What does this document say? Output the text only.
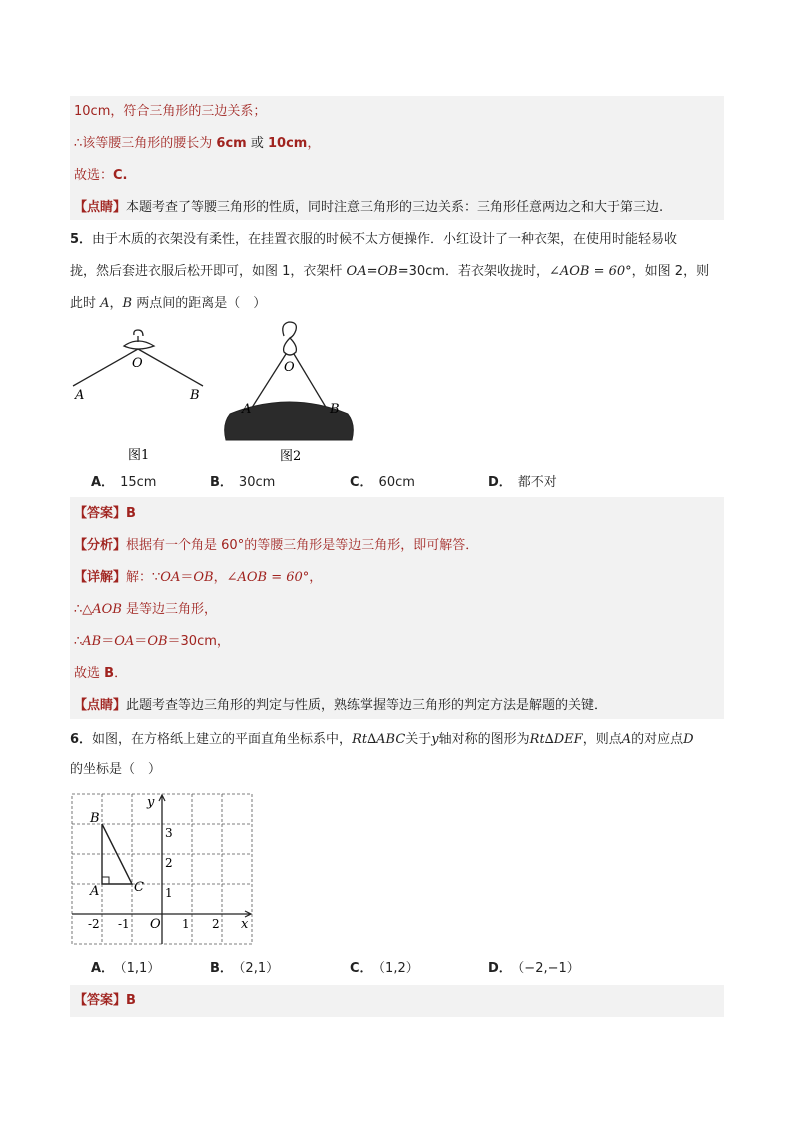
10cm，符合三角形的三边关系；
∴该等腰三角形的腰长为 6cm 或 10cm，
故选：C.
【点睛】本题考查了等腰三角形的性质，同时注意三角形的三边关系：三角形任意两边之和大于第三边.
5．由于木质的衣架没有柔性，在挂置衣服的时候不太方便操作．小红设计了一种衣架，在使用时能轻易收
拢，然后套进衣服后松开即可，如图 1，衣架杆 OA=OB=30cm．若衣架收拢时，∠AOB = 60°，如图 2，则
此时 A，B 两点间的距离是（　）
O
A	B
图1
O
A	B
图2
A． 15cm	B． 30cm	C． 60cm	D． 都不对
【答案】B
【分析】根据有一个角是 60°的等腰三角形是等边三角形，即可解答．
【详解】解：∵OA＝OB，∠AOB = 60°，
∴△AOB 是等边三角形，
∴AB＝OA＝OB＝30cm，
故选 B．
【点睛】此题考查等边三角形的判定与性质，熟练掌握等边三角形的判定方法是解题的关键．
6．如图，在方格纸上建立的平面直角坐标系中，Rt∆ABC关于y轴对称的图形为Rt∆DEF，则点A的对应点D
的坐标是（　）
B
A	C
y
x
O
-2 -1	1 2
1
2
3
A． （1,1）	B． （2,1）	C． （1,2）	D． （−2,−1）
【答案】B
